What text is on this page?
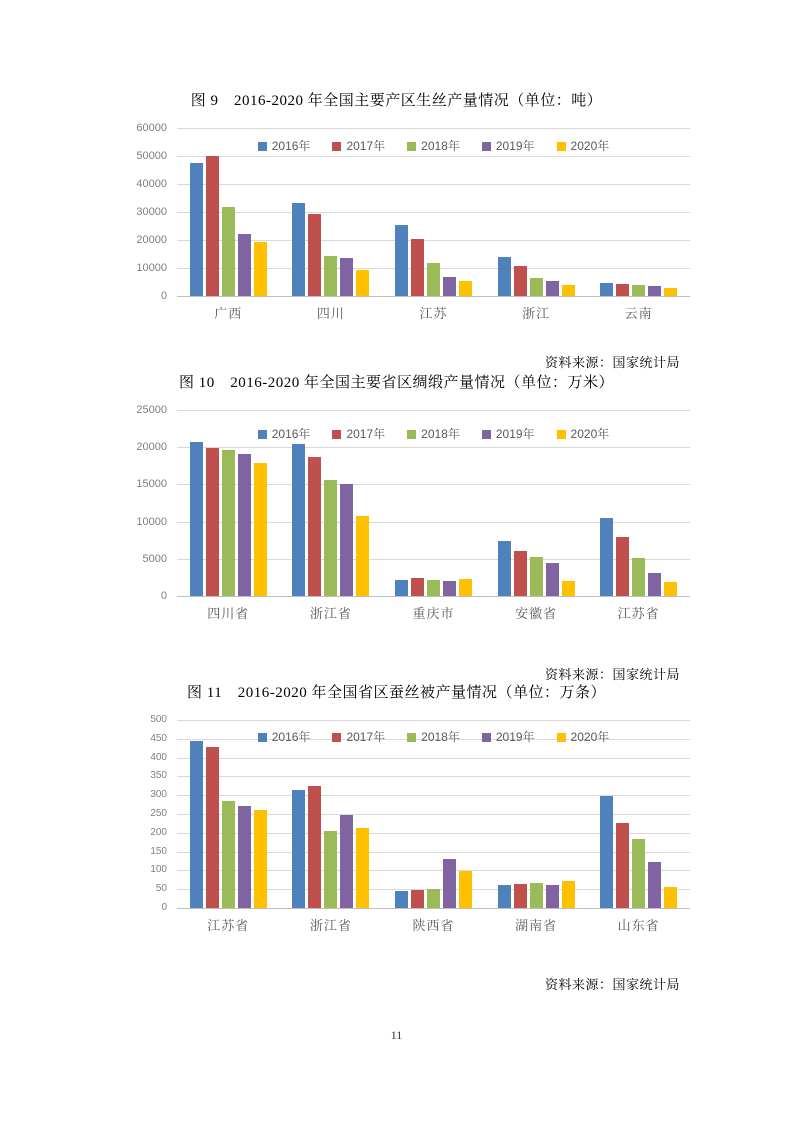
图 9　2016-2020 年全国主要产区生丝产量情况（单位：吨）
60000
50000
40000
30000
20000
10000
0
2016年	2017年	2018年	2019年	2020年
广西	四川	江苏	浙江	云南
资料来源：国家统计局
图 10　2016-2020 年全国主要省区绸缎产量情况（单位：万米）
25000
20000
15000
10000
5000
0
2016年	2017年	2018年	2019年	2020年
四川省	浙江省	重庆市	安徽省	江苏省
资料来源：国家统计局
图 11　2016-2020 年全国省区蚕丝被产量情况（单位：万条）
500
450
400
350
300
250
200
150
100
50
0
2016年	2017年	2018年	2019年	2020年
江苏省	浙江省	陕西省	湖南省	山东省
资料来源：国家统计局
11
